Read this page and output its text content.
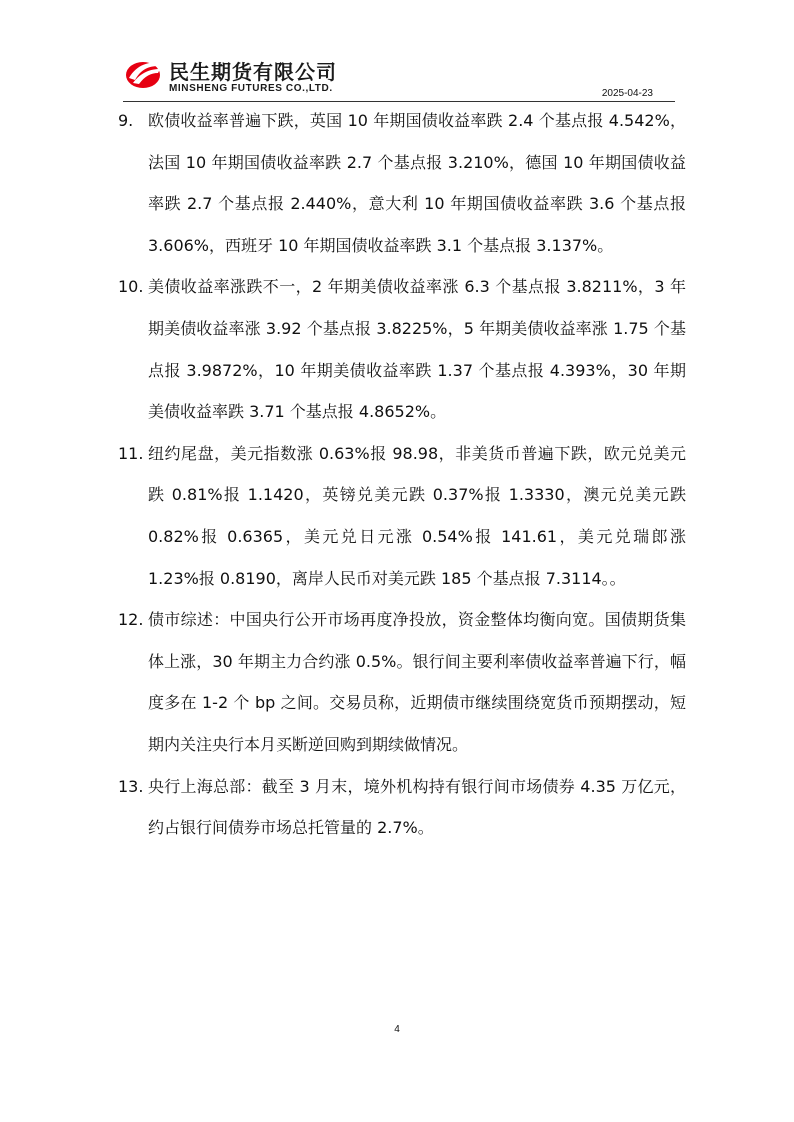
民生期货有限公司
MINSHENG FUTURES CO.,LTD.	2025-04-23
9. 欧债收益率普遍下跌，英国 10 年期国债收益率跌 2.4 个基点报 4.542%，法国 10 年期国债收益率跌 2.7 个基点报 3.210%，德国 10 年期国债收益率跌 2.7 个基点报 2.440%，意大利 10 年期国债收益率跌 3.6 个基点报 3.606%，西班牙 10 年期国债收益率跌 3.1 个基点报 3.137%。
10. 美债收益率涨跌不一，2 年期美债收益率涨 6.3 个基点报 3.8211%，3 年期美债收益率涨 3.92 个基点报 3.8225%，5 年期美债收益率涨 1.75 个基点报 3.9872%，10 年期美债收益率跌 1.37 个基点报 4.393%，30 年期美债收益率跌 3.71 个基点报 4.8652%。
11. 纽约尾盘，美元指数涨 0.63%报 98.98，非美货币普遍下跌，欧元兑美元跌 0.81%报 1.1420，英镑兑美元跌 0.37%报 1.3330，澳元兑美元跌 0.82%报 0.6365，美元兑日元涨 0.54%报 141.61，美元兑瑞郎涨 1.23%报 0.8190，离岸人民币对美元跌 185 个基点报 7.3114。。
12. 债市综述：中国央行公开市场再度净投放，资金整体均衡向宽。国债期货集体上涨，30 年期主力合约涨 0.5%。银行间主要利率债收益率普遍下行，幅度多在 1-2 个 bp 之间。交易员称，近期债市继续围绕宽货币预期摆动，短期内关注央行本月买断逆回购到期续做情况。
13. 央行上海总部：截至 3 月末，境外机构持有银行间市场债券 4.35 万亿元，约占银行间债券市场总托管量的 2.7%。
4
